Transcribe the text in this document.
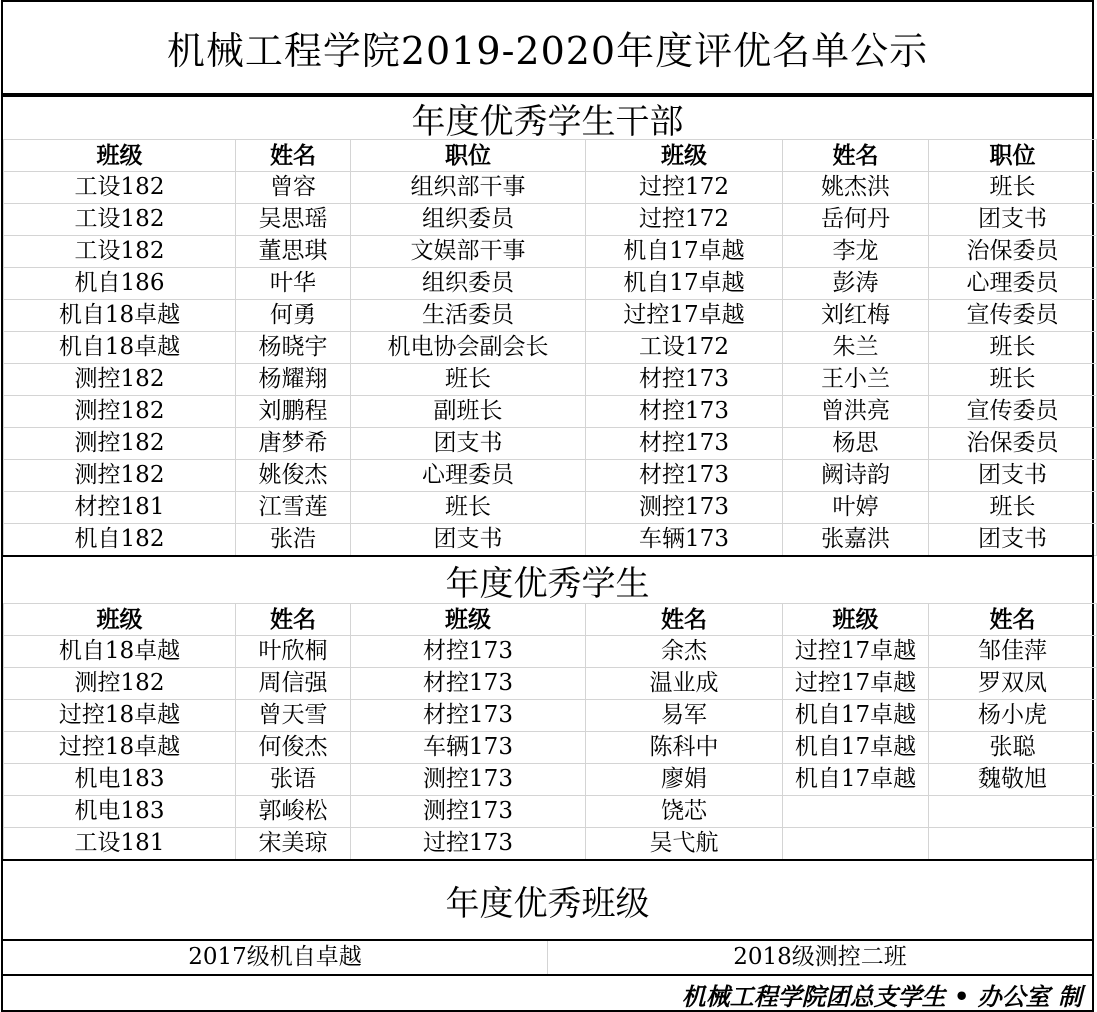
机械工程学院2019-2020年度评优名单公示
年度优秀学生干部
班级	姓名	职位	班级	姓名	职位
工设182	曾容	组织部干事	过控172	姚杰洪	班长
工设182	吴思瑶	组织委员	过控172	岳何丹	团支书
工设182	董思琪	文娱部干事	机自17卓越	李龙	治保委员
机自186	叶华	组织委员	机自17卓越	彭涛	心理委员
机自18卓越	何勇	生活委员	过控17卓越	刘红梅	宣传委员
机自18卓越	杨晓宇	机电协会副会长	工设172	朱兰	班长
测控182	杨耀翔	班长	材控173	王小兰	班长
测控182	刘鹏程	副班长	材控173	曾洪亮	宣传委员
测控182	唐梦希	团支书	材控173	杨思	治保委员
测控182	姚俊杰	心理委员	材控173	阙诗韵	团支书
材控181	江雪莲	班长	测控173	叶婷	班长
机自182	张浩	团支书	车辆173	张嘉洪	团支书
年度优秀学生
班级	姓名	班级	姓名	班级	姓名
机自18卓越	叶欣桐	材控173	余杰	过控17卓越	邹佳萍
测控182	周信强	材控173	温业成	过控17卓越	罗双凤
过控18卓越	曾天雪	材控173	易军	机自17卓越	杨小虎
过控18卓越	何俊杰	车辆173	陈科中	机自17卓越	张聪
机电183	张语	测控173	廖娟	机自17卓越	魏敬旭
机电183	郭峻松	测控173	饶芯		
工设181	宋美琼	过控173	吴弋航		
年度优秀班级
2017级机自卓越	2018级测控二班
机械工程学院团总支学生 • 办公室 制
